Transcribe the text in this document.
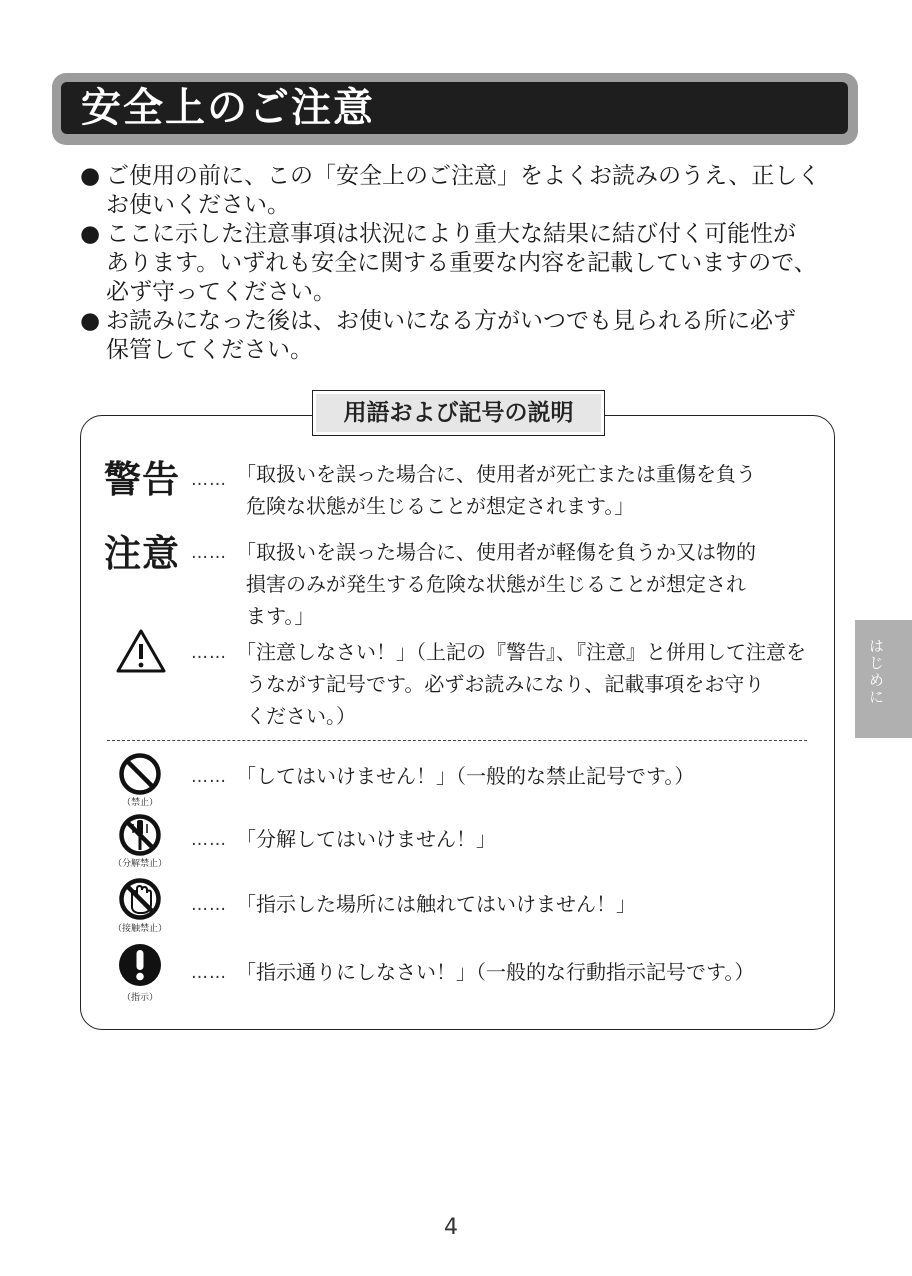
安全上のご注意
● ご使用の前に、この「安全上のご注意」をよくお読みのうえ、正しく
お使いください。
● ここに示した注意事項は状況により重大な結果に結び付く可能性が
あります。いずれも安全に関する重要な内容を記載していますので、
必ず守ってください。
● お読みになった後は、お使いになる方がいつでも見られる所に必ず
保管してください。
用語および記号の説明
警告 …… 「取扱いを誤った場合に、使用者が死亡または重傷を負う
危険な状態が生じることが想定されます。」
注意 …… 「取扱いを誤った場合に、使用者が軽傷を負うか又は物的
損害のみが発生する危険な状態が生じることが想定され
ます。」
…… 「注意しなさい！」（上記の『警告』、『注意』と併用して注意を
うながす記号です。必ずお読みになり、記載事項をお守り
ください。）
（禁止）
…… 「してはいけません！」（一般的な禁止記号です。）
（分解禁止）
…… 「分解してはいけません！」
（接触禁止）
…… 「指示した場所には触れてはいけません！」
（指示）
…… 「指示通りにしなさい！」（一般的な行動指示記号です。）
はじめに
4
